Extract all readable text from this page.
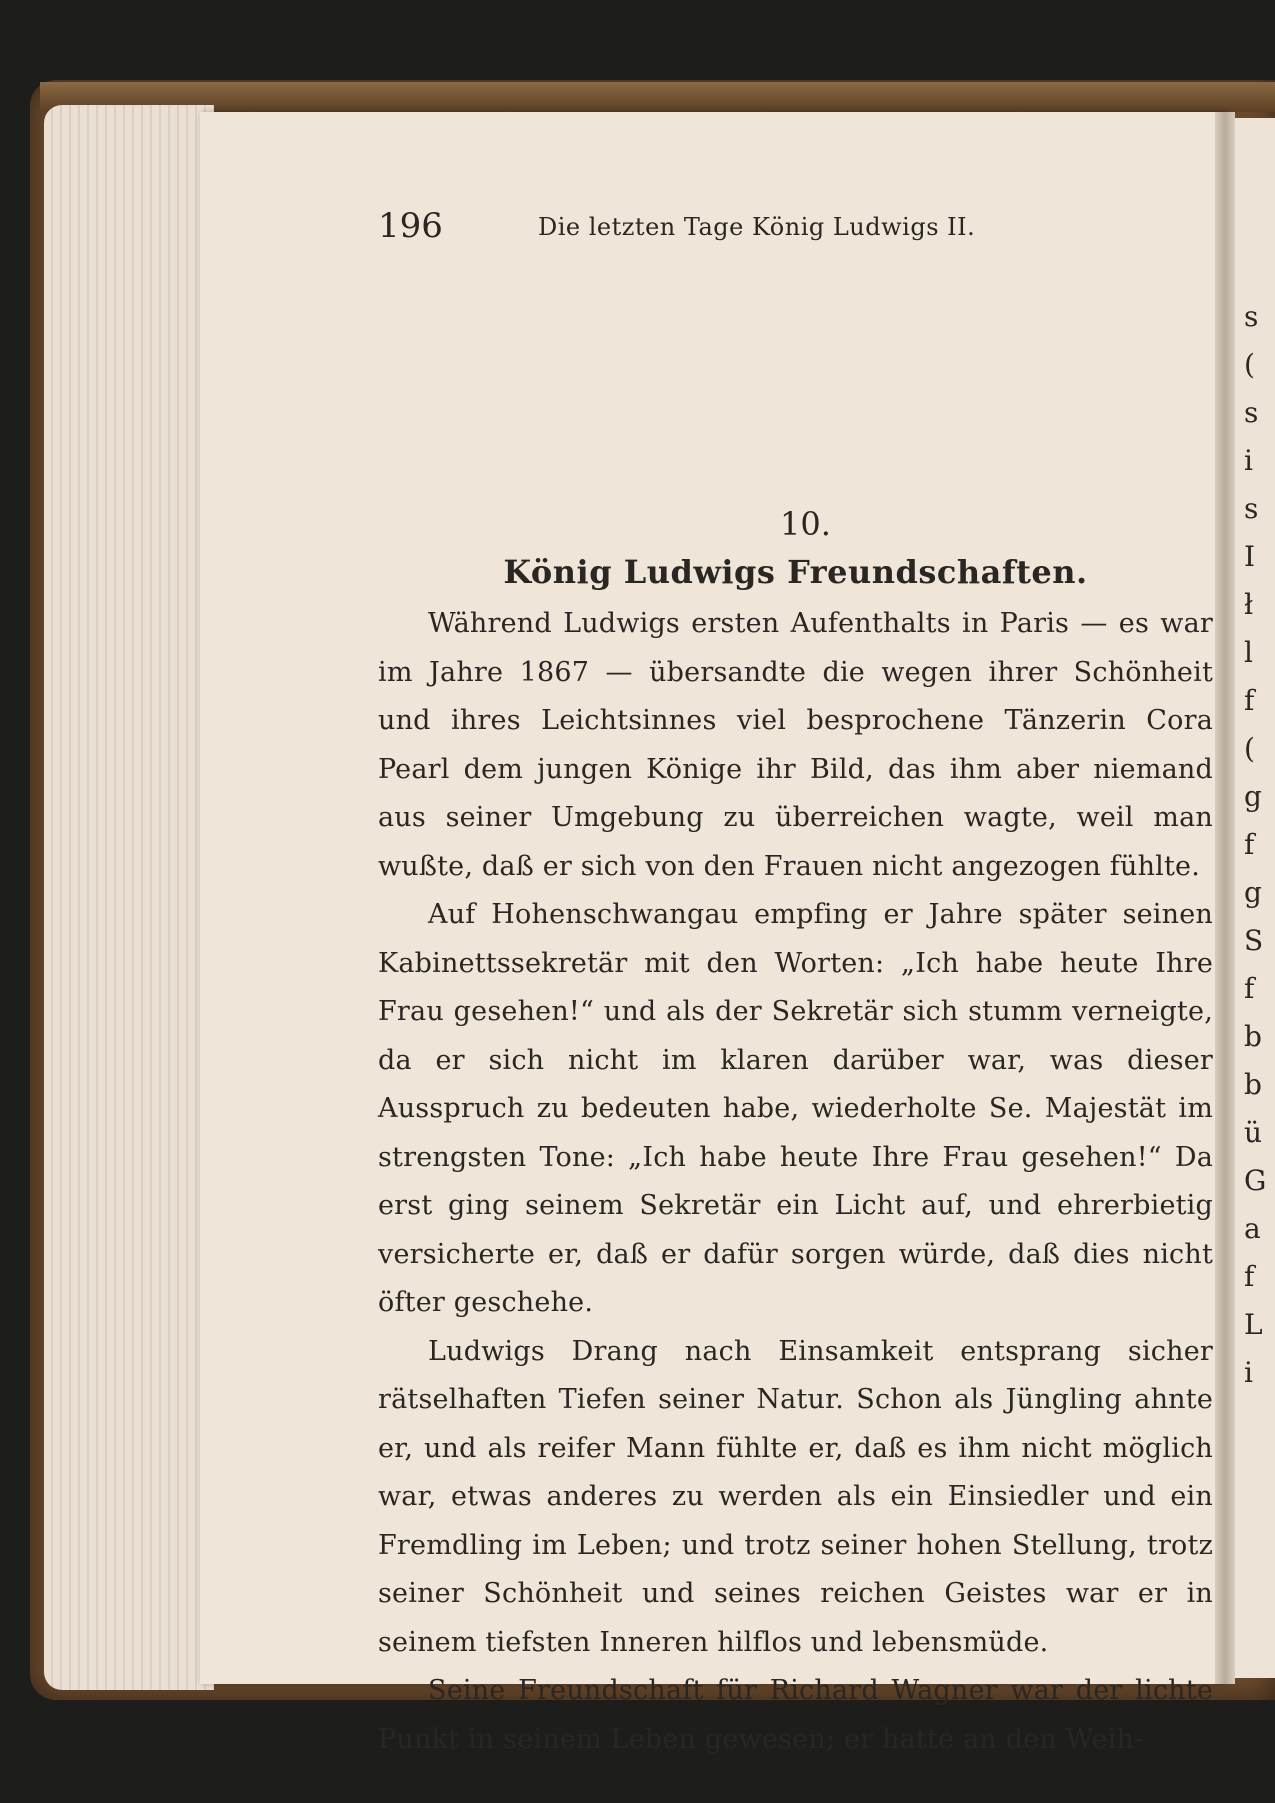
s
(
s
i
s
I
ł
l
f
(
g
f
g
S
f
b
b
ü
G
a
f
L
i
196	Die letzten Tage König Ludwigs II.
10.
König Ludwigs Freundschaften.

Während Ludwigs ersten Aufenthalts in Paris — es war im Jahre 1867 — übersandte die wegen ihrer Schönheit und ihres Leichtsinnes viel besprochene Tänzerin Cora Pearl dem jungen Könige ihr Bild, das ihm aber niemand aus seiner Umgebung zu überreichen wagte, weil man wußte, daß er sich von den Frauen nicht angezogen fühlte.

Auf Hohenschwangau empfing er Jahre später seinen Kabinettssekretär mit den Worten: „Ich habe heute Ihre Frau gesehen!“ und als der Sekretär sich stumm verneigte, da er sich nicht im klaren darüber war, was dieser Ausspruch zu bedeuten habe, wiederholte Se. Majestät im strengsten Tone: „Ich habe heute Ihre Frau gesehen!“ Da erst ging seinem Sekretär ein Licht auf, und ehrerbietig versicherte er, daß er dafür sorgen würde, daß dies nicht öfter geschehe.

Ludwigs Drang nach Einsamkeit entsprang sicher rätselhaften Tiefen seiner Natur. Schon als Jüngling ahnte er, und als reifer Mann fühlte er, daß es ihm nicht möglich war, etwas anderes zu werden als ein Einsiedler und ein Fremdling im Leben; und trotz seiner hohen Stellung, trotz seiner Schönheit und seines reichen Geistes war er in seinem tiefsten Inneren hilflos und lebensmüde.

Seine Freundschaft für Richard Wagner war der lichte Punkt in seinem Leben gewesen; er hatte an den Weih-
